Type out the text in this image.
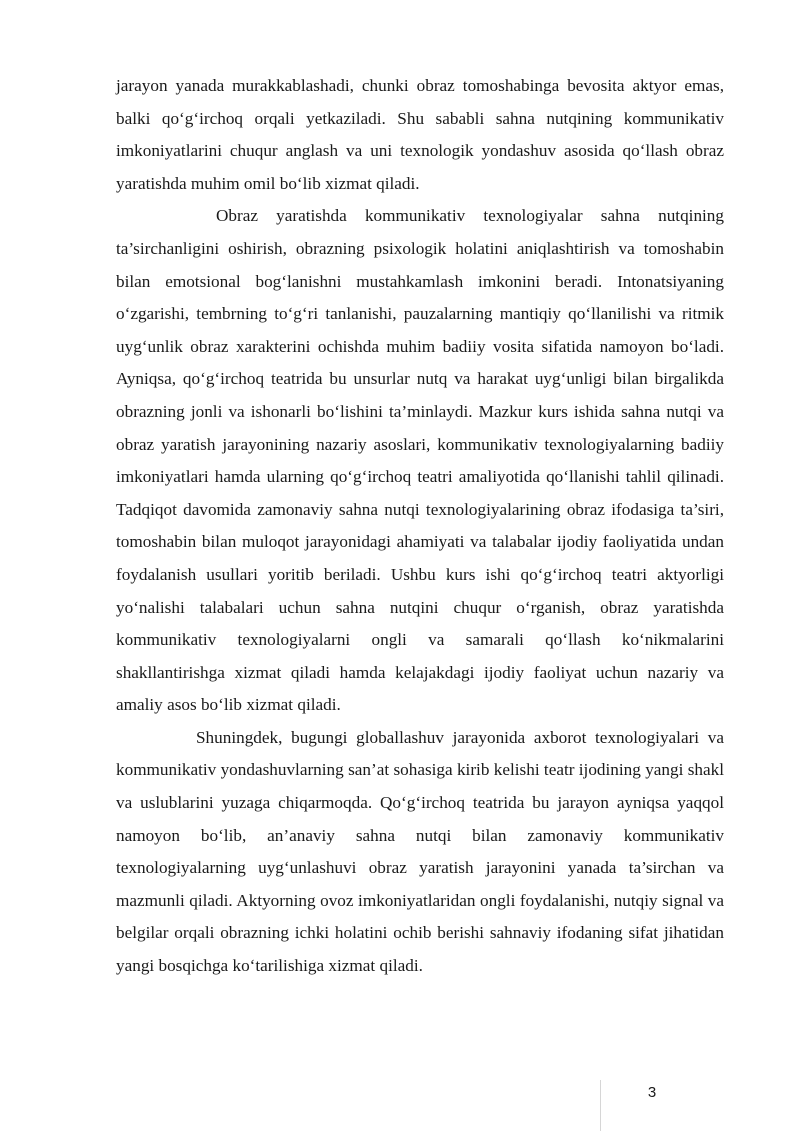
jarayon yanada murakkablashadi, chunki obraz tomoshabinga bevosita aktyor emas, balki qo‘g‘irchoq orqali yetkaziladi. Shu sababli sahna nutqining kommunikativ imkoniyatlarini chuqur anglash va uni texnologik yondashuv asosida qo‘llash obraz yaratishda muhim omil bo‘lib xizmat qiladi.

Obraz yaratishda kommunikativ texnologiyalar sahna nutqining ta’sirchanligini oshirish, obrazning psixologik holatini aniqlashtirish va tomoshabin bilan emotsional bog‘lanishni mustahkamlash imkonini beradi. Intonatsiyaning o‘zgarishi, tembrning to‘g‘ri tanlanishi, pauzalarning mantiqiy qo‘llanilishi va ritmik uyg‘unlik obraz xarakterini ochishda muhim badiiy vosita sifatida namoyon bo‘ladi. Ayniqsa, qo‘g‘irchoq teatrida bu unsurlar nutq va harakat uyg‘unligi bilan birgalikda obrazning jonli va ishonarli bo‘lishini ta’minlaydi. Mazkur kurs ishida sahna nutqi va obraz yaratish jarayonining nazariy asoslari, kommunikativ texnologiyalarning badiiy imkoniyatlari hamda ularning qo‘g‘irchoq teatri amaliyotida qo‘llanishi tahlil qilinadi. Tadqiqot davomida zamonaviy sahna nutqi texnologiyalarining obraz ifodasiga ta’siri, tomoshabin bilan muloqot jarayonidagi ahamiyati va talabalar ijodiy faoliyatida undan foydalanish usullari yoritib beriladi. Ushbu kurs ishi qo‘g‘irchoq teatri aktyorligi yo‘nalishi talabalari uchun sahna nutqini chuqur o‘rganish, obraz yaratishda kommunikativ texnologiyalarni ongli va samarali qo‘llash ko‘nikmalarini shakllantirishga xizmat qiladi hamda kelajakdagi ijodiy faoliyat uchun nazariy va amaliy asos bo‘lib xizmat qiladi.

Shuningdek, bugungi globallashuv jarayonida axborot texnologiyalari va kommunikativ yondashuvlarning san’at sohasiga kirib kelishi teatr ijodining yangi shakl va uslublarini yuzaga chiqarmoqda. Qo‘g‘irchoq teatrida bu jarayon ayniqsa yaqqol namoyon bo‘lib, an’anaviy sahna nutqi bilan zamonaviy kommunikativ texnologiyalarning uyg‘unlashuvi obraz yaratish jarayonini yanada ta’sirchan va mazmunli qiladi. Aktyorning ovoz imkoniyatlaridan ongli foydalanishi, nutqiy signal va belgilar orqali obrazning ichki holatini ochib berishi sahnaviy ifodaning sifat jihatidan yangi bosqichga ko‘tarilishiga xizmat qiladi.

3
